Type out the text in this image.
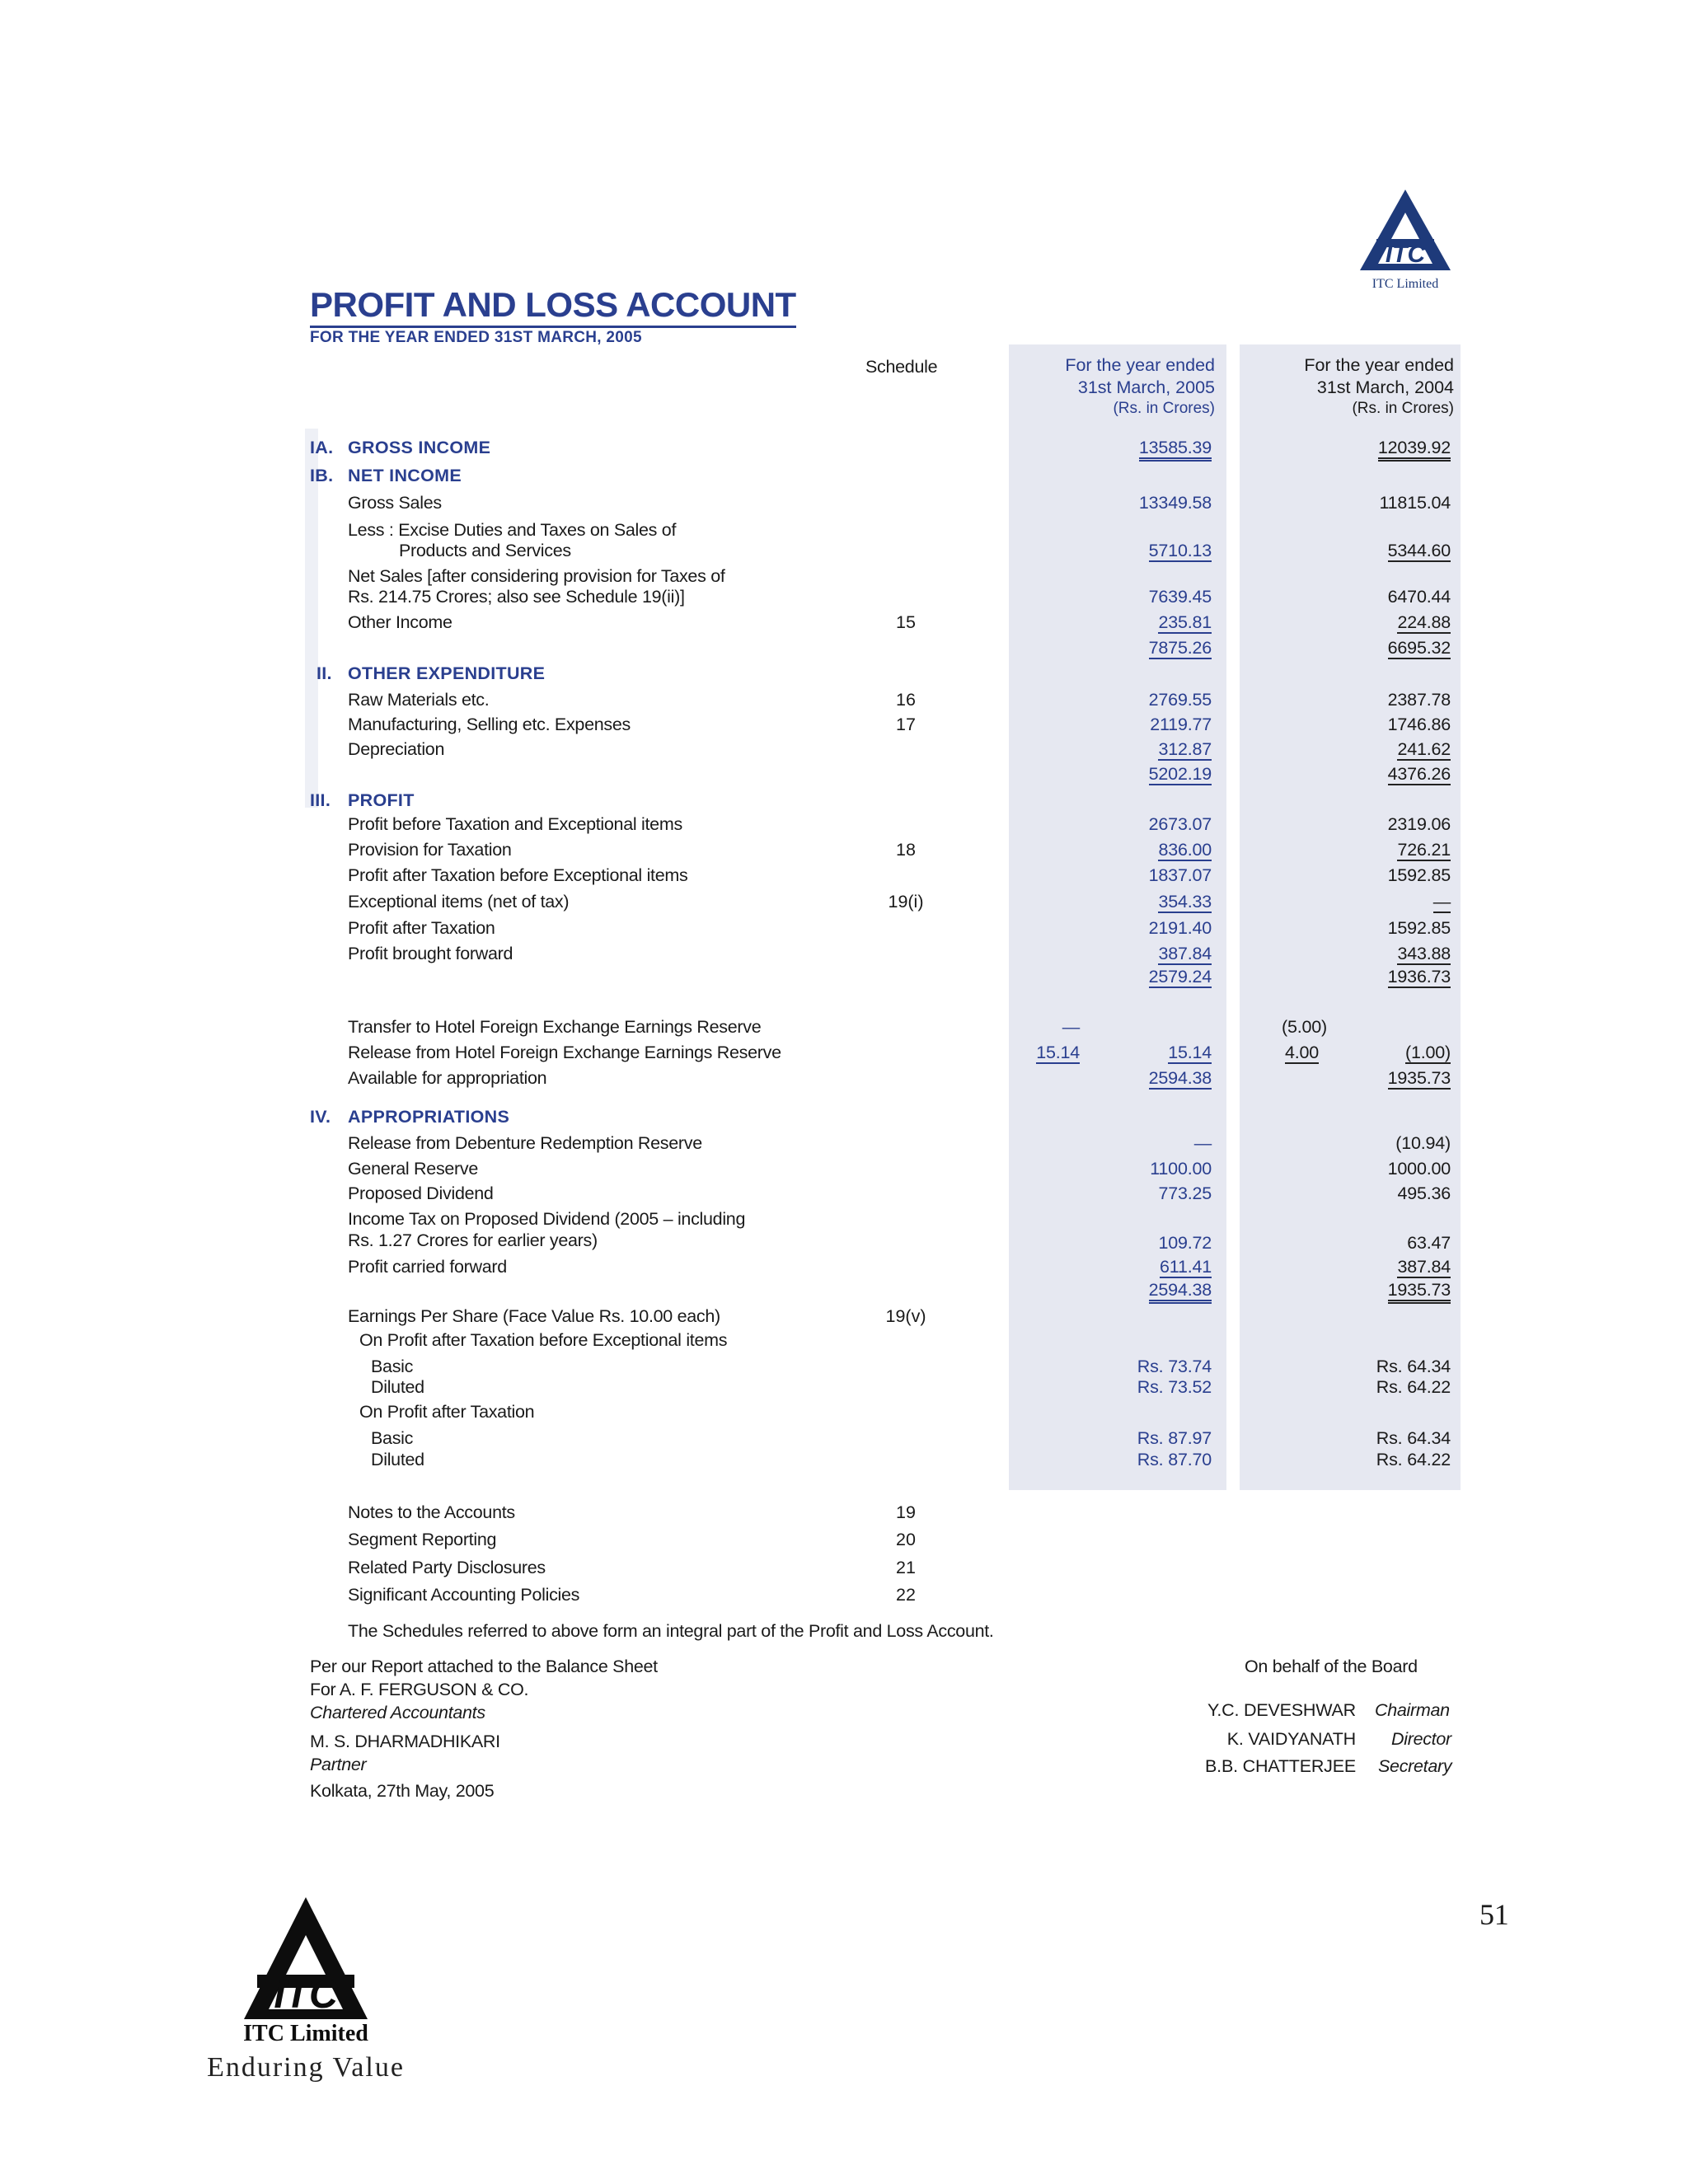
ITC
ITC Limited
PROFIT AND LOSS ACCOUNT
FOR THE YEAR ENDED 31ST MARCH, 2005
Schedule	For the year ended
31st March, 2005
(Rs. in Crores)
For the year ended
31st March, 2004
(Rs. in Crores)
IA. GROSS INCOME	13585.39	12039.92
IB. NET INCOME
Gross Sales	13349.58	11815.04
Less : Excise Duties and Taxes on Sales of
Products and Services	5710.13	5344.60
Net Sales [after considering provision for Taxes of
Rs. 214.75 Crores; also see Schedule 19(ii)]	7639.45	6470.44
Other Income	15	235.81	224.88
7875.26	6695.32
II. OTHER EXPENDITURE
Raw Materials etc.	16	2769.55	2387.78
Manufacturing, Selling etc. Expenses	17	2119.77	1746.86
Depreciation	312.87	241.62
5202.19	4376.26
III. PROFIT
Profit before Taxation and Exceptional items	2673.07	2319.06
Provision for Taxation	18	836.00	726.21
Profit after Taxation before Exceptional items	1837.07	1592.85
Exceptional items (net of tax)	19(i)	354.33	—
Profit after Taxation	2191.40	1592.85
Profit brought forward	387.84	343.88
2579.24	1936.73
Transfer to Hotel Foreign Exchange Earnings Reserve	—	(5.00)
Release from Hotel Foreign Exchange Earnings Reserve	15.14	15.14	4.00	(1.00)
Available for appropriation	2594.38	1935.73
IV. APPROPRIATIONS
Release from Debenture Redemption Reserve	—	(10.94)
General Reserve	1100.00	1000.00
Proposed Dividend	773.25	495.36
Income Tax on Proposed Dividend (2005 – including
Rs. 1.27 Crores for earlier years)	109.72	63.47
Profit carried forward	611.41	387.84
2594.38	1935.73
Earnings Per Share (Face Value Rs. 10.00 each)	19(v)
On Profit after Taxation before Exceptional items
Basic	Rs. 73.74	Rs. 64.34
Diluted	Rs. 73.52	Rs. 64.22
On Profit after Taxation
Basic	Rs. 87.97	Rs. 64.34
Diluted	Rs. 87.70	Rs. 64.22
Notes to the Accounts	19
Segment Reporting	20
Related Party Disclosures	21
Significant Accounting Policies	22
The Schedules referred to above form an integral part of the Profit and Loss Account.
Per our Report attached to the Balance Sheet
For A. F. FERGUSON & CO.
Chartered Accountants
M. S. DHARMADHIKARI
Partner
Kolkata, 27th May, 2005
On behalf of the Board
Y.C. DEVESHWAR Chairman
K. VAIDYANATH Director
B.B. CHATTERJEE Secretary
51
ITC
ITC Limited
Enduring Value
